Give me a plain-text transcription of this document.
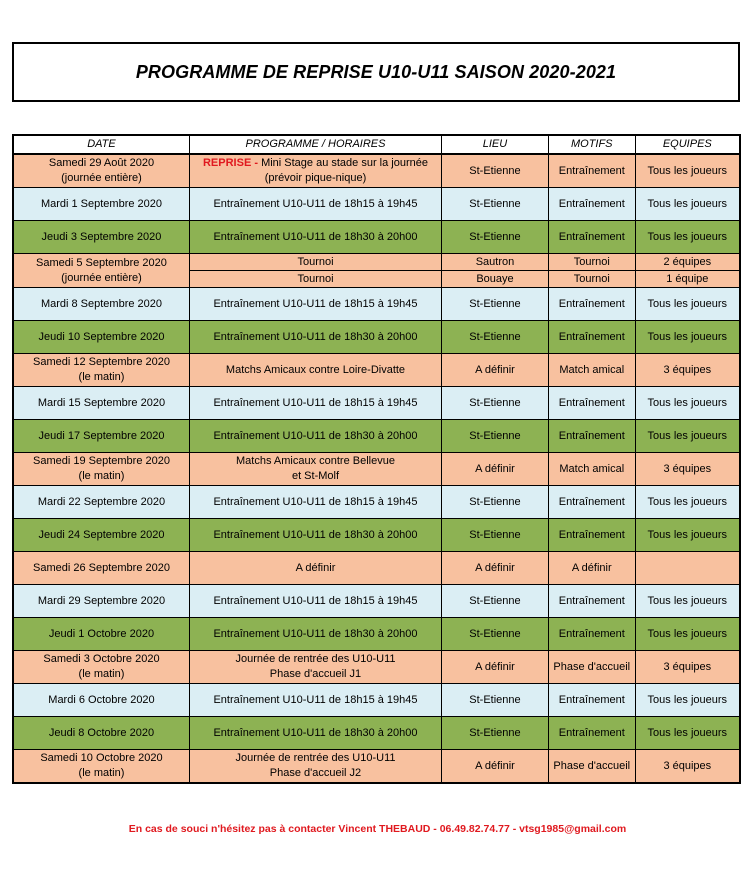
PROGRAMME DE REPRISE U10-U11 SAISON 2020-2021
DATE	PROGRAMME / HORAIRES	LIEU	MOTIFS	EQUIPES
Samedi 29 Août 2020
(journée entière)	REPRISE - Mini Stage au stade sur la journée
(prévoir pique-nique)	St-Etienne	Entraînement	Tous les joueurs
Mardi 1 Septembre 2020	Entraînement U10-U11 de 18h15 à 19h45	St-Etienne	Entraînement	Tous les joueurs
Jeudi 3 Septembre 2020	Entraînement U10-U11 de 18h30 à 20h00	St-Etienne	Entraînement	Tous les joueurs
Samedi 5 Septembre 2020
(journée entière)	Tournoi	Sautron	Tournoi	2 équipes
	Tournoi	Bouaye	Tournoi	1 équipe
Mardi 8 Septembre 2020	Entraînement U10-U11 de 18h15 à 19h45	St-Etienne	Entraînement	Tous les joueurs
Jeudi 10 Septembre 2020	Entraînement U10-U11 de 18h30 à 20h00	St-Etienne	Entraînement	Tous les joueurs
Samedi 12 Septembre 2020
(le matin)	Matchs Amicaux contre Loire-Divatte	A définir	Match amical	3 équipes
Mardi 15 Septembre 2020	Entraînement U10-U11 de 18h15 à 19h45	St-Etienne	Entraînement	Tous les joueurs
Jeudi 17 Septembre 2020	Entraînement U10-U11 de 18h30 à 20h00	St-Etienne	Entraînement	Tous les joueurs
Samedi 19 Septembre 2020
(le matin)	Matchs Amicaux contre Bellevue
et St-Molf	A définir	Match amical	3 équipes
Mardi 22 Septembre 2020	Entraînement U10-U11 de 18h15 à 19h45	St-Etienne	Entraînement	Tous les joueurs
Jeudi 24 Septembre 2020	Entraînement U10-U11 de 18h30 à 20h00	St-Etienne	Entraînement	Tous les joueurs
Samedi 26 Septembre 2020	A définir	A définir	A définir	
Mardi 29 Septembre 2020	Entraînement U10-U11 de 18h15 à 19h45	St-Etienne	Entraînement	Tous les joueurs
Jeudi 1 Octobre 2020	Entraînement U10-U11 de 18h30 à 20h00	St-Etienne	Entraînement	Tous les joueurs
Samedi 3 Octobre 2020
(le matin)	Journée de rentrée des U10-U11
Phase d'accueil J1	A définir	Phase d'accueil	3 équipes
Mardi 6 Octobre 2020	Entraînement U10-U11 de 18h15 à 19h45	St-Etienne	Entraînement	Tous les joueurs
Jeudi 8 Octobre 2020	Entraînement U10-U11 de 18h30 à 20h00	St-Etienne	Entraînement	Tous les joueurs
Samedi 10 Octobre 2020
(le matin)	Journée de rentrée des U10-U11
Phase d'accueil J2	A définir	Phase d'accueil	3 équipes
En cas de souci n'hésitez pas à contacter Vincent THEBAUD - 06.49.82.74.77 - vtsg1985@gmail.com
